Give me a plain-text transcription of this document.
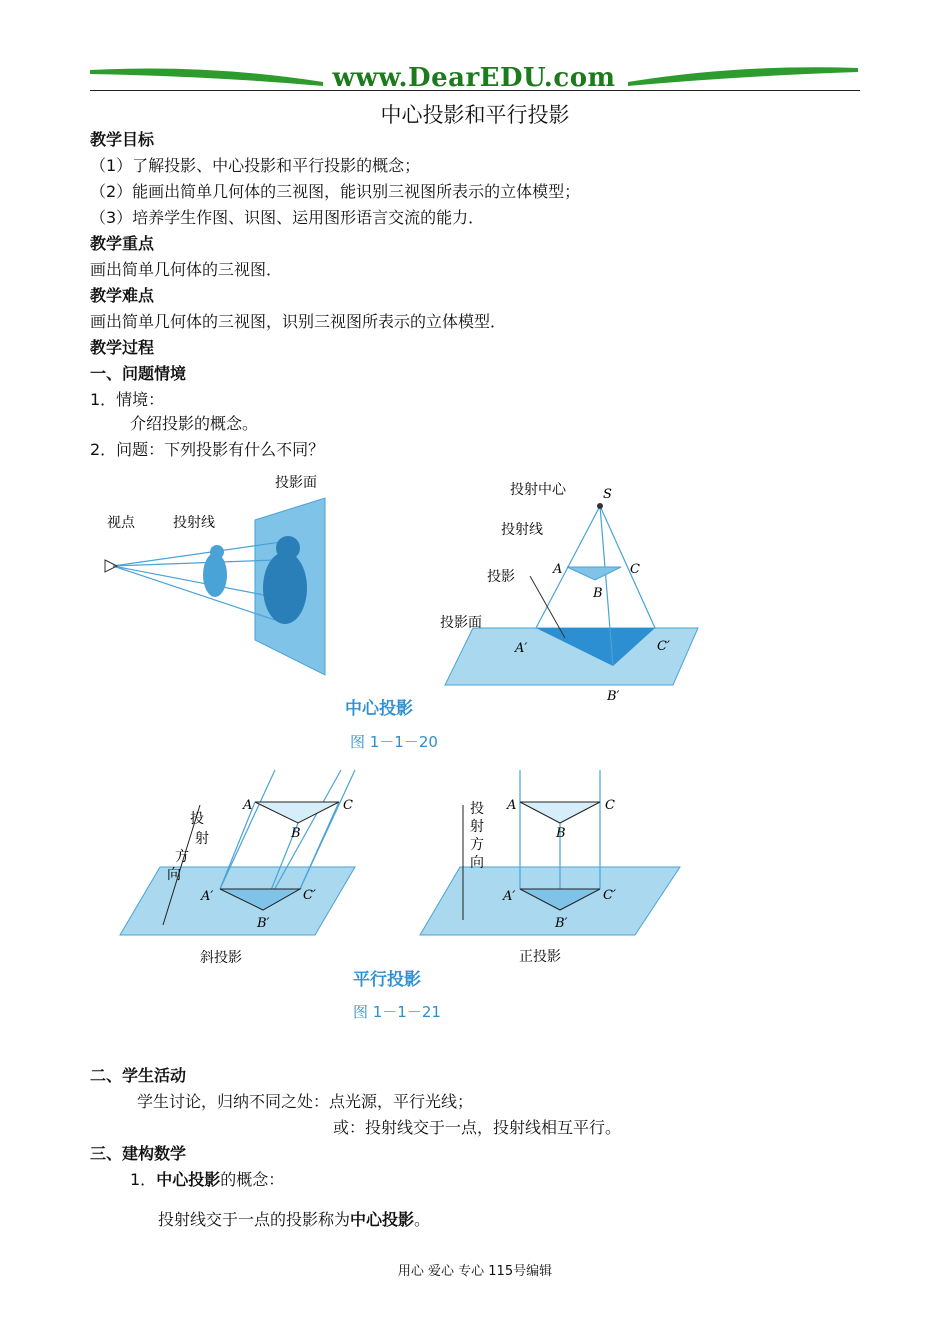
www.DearEDU.com
中心投影和平行投影
教学目标
（1）了解投影、中心投影和平行投影的概念；
（2）能画出简单几何体的三视图，能识别三视图所表示的立体模型；
（3）培养学生作图、识图、运用图形语言交流的能力．
教学重点
画出简单几何体的三视图．
教学难点
画出简单几何体的三视图，识别三视图所表示的立体模型．
教学过程
一、问题情境
1．情境：
介绍投影的概念。
2．问题：下列投影有什么不同？
投影面
视点	投射线
投射中心
投射线
投影
投影面
S
A
B
C
A′
B′
C′
中心投影
图 1－1－20
投射方向
A
B
C
A′
B′
C′
斜投影
投射方向
A
B
C
A′
B′
C′
正投影
平行投影
图 1－1－21
二、学生活动
学生讨论，归纳不同之处：点光源，平行光线；
或：投射线交于一点，投射线相互平行。
三、建构数学
1．中心投影的概念：
投射线交于一点的投影称为中心投影。
用心 爱心 专心 115号编辑
